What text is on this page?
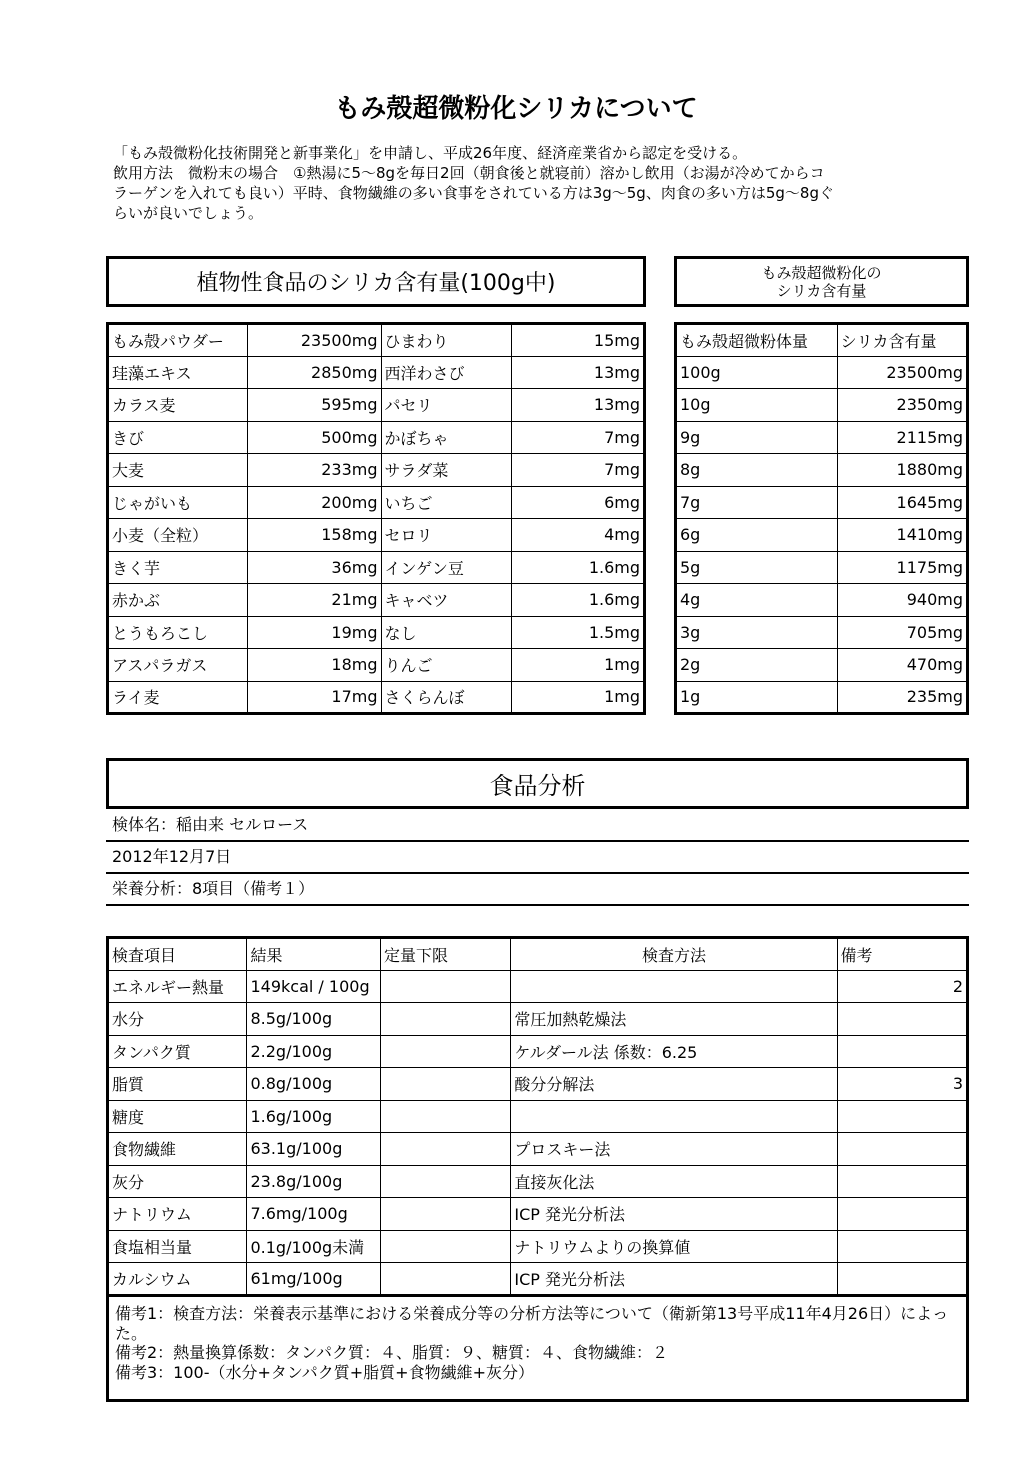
もみ殻超微粉化シリカについて
「もみ殻微粉化技術開発と新事業化」を申請し、平成26年度、経済産業省から認定を受ける。
飲用方法　微粉末の場合　①熱湯に5～8gを毎日2回（朝食後と就寝前）溶かし飲用（お湯が冷めてからコ
ラーゲンを入れても良い）平時、食物繊維の多い食事をされている方は3g～5g、肉食の多い方は5g～8gぐ
らいが良いでしょう。
植物性食品のシリカ含有量(100g中)	もみ殻超微粉化の
シリカ含有量
もみ殻パウダー	23500mg	ひまわり	15mg
珪藻エキス	2850mg	西洋わさび	13mg
カラス麦	595mg	パセリ	13mg
きび	500mg	かぼちゃ	7mg
大麦	233mg	サラダ菜	7mg
じゃがいも	200mg	いちご	6mg
小麦（全粒）	158mg	セロリ	4mg
きく芋	36mg	インゲン豆	1.6mg
赤かぶ	21mg	キャベツ	1.6mg
とうもろこし	19mg	なし	1.5mg
アスパラガス	18mg	りんご	1mg
ライ麦	17mg	さくらんぼ	1mg
もみ殻超微粉体量	シリカ含有量
100g	23500mg
10g	2350mg
9g	2115mg
8g	1880mg
7g	1645mg
6g	1410mg
5g	1175mg
4g	940mg
3g	705mg
2g	470mg
1g	235mg
食品分析
検体名：稲由来 セルロース
2012年12月7日
栄養分析：8項目（備考１）
検査項目	結果	定量下限	検査方法	備考
エネルギー熱量	149kcal / 100g			2
水分	8.5g/100g		常圧加熱乾燥法	
タンパク質	2.2g/100g		ケルダール法 係数：6.25	
脂質	0.8g/100g		酸分分解法	3
糖度	1.6g/100g			
食物繊維	63.1g/100g		プロスキー法	
灰分	23.8g/100g		直接灰化法	
ナトリウム	7.6mg/100g		ICP 発光分析法	
食塩相当量	0.1g/100g未満		ナトリウムよりの換算値	
カルシウム	61mg/100g		ICP 発光分析法	
備考1：検査方法：栄養表示基準における栄養成分等の分析方法等について（衛新第13号平成11年4月26日）によった。
備考2：熱量換算係数：タンパク質：４、脂質：９、糖質：４、食物繊維：２
備考3：100-（水分+タンパク質+脂質+食物繊維+灰分）
